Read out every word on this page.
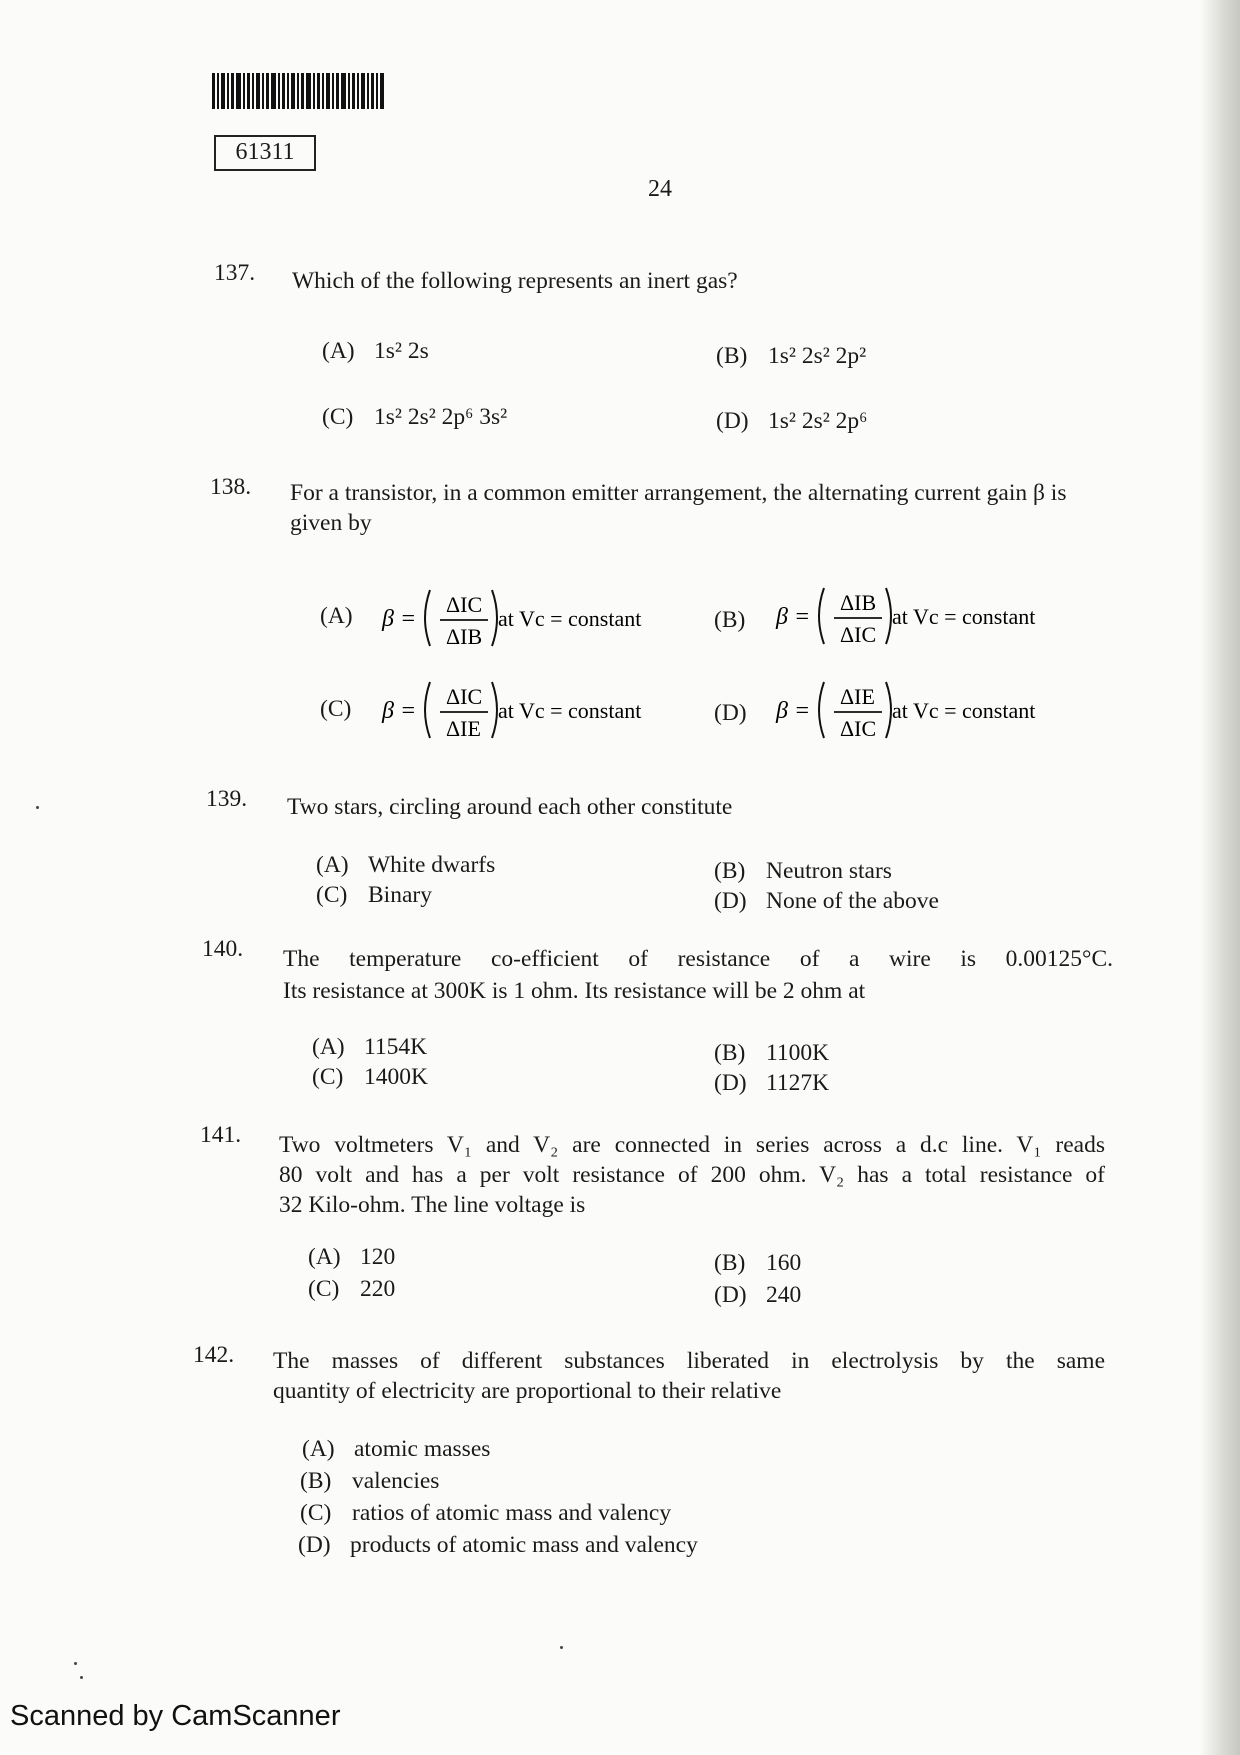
61311
24
137. Which of the following represents an inert gas?
(A) 1s² 2s	(B) 1s² 2s² 2p²
(C) 1s² 2s² 2p⁶ 3s²	(D) 1s² 2s² 2p⁶
138. For a transistor, in a common emitter arrangement, the alternating current gain β is given by
(A) β =
ΔIC
ΔIB
at Vc = constant	(B) β =
ΔIB
ΔIC
at Vc = constant
(C) β =
ΔIC
ΔIE
at Vc = constant	(D) β =
ΔIE
ΔIC
at Vc = constant
139. Two stars, circling around each other constitute
(A) White dwarfs	(B) Neutron stars
(C) Binary	(D) None of the above
140. The temperature co-efficient of resistance of a wire is 0.00125°C.
Its resistance at 300K is 1 ohm. Its resistance will be 2 ohm at
(A) 1154K	(B) 1100K
(C) 1400K	(D) 1127K
141. Two voltmeters V₁ and V₂ are connected in series across a d.c line. V₁ reads
80 volt and has a per volt resistance of 200 ohm. V₂ has a total resistance of
32 Kilo-ohm. The line voltage is
(A) 120	(B) 160
(C) 220	(D) 240
142. The masses of different substances liberated in electrolysis by the same
quantity of electricity are proportional to their relative
(A) atomic masses
(B) valencies
(C) ratios of atomic mass and valency
(D) products of atomic mass and valency
Scanned by CamScanner
